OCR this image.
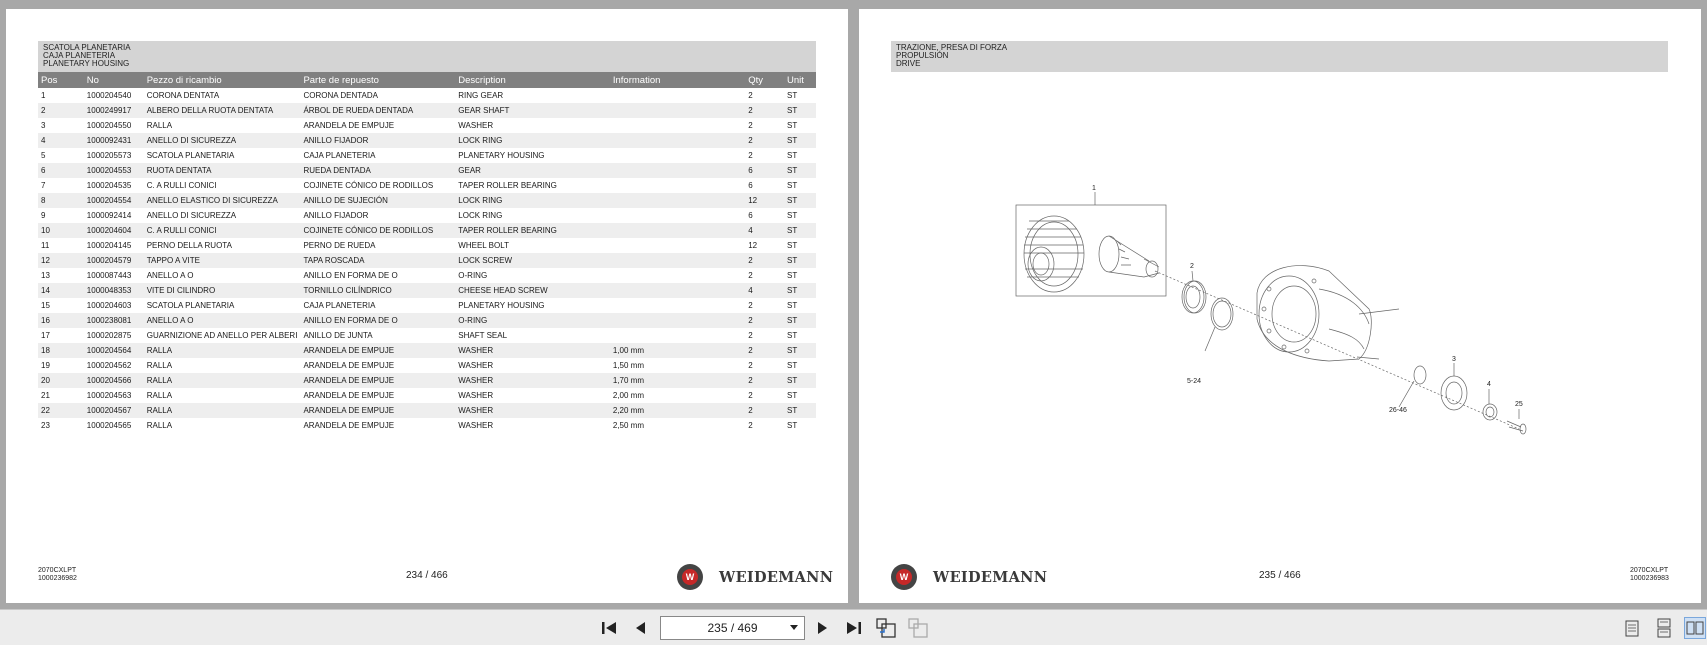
SCATOLA PLANETARIA
CAJA PLANETERIA
PLANETARY HOUSING
Pos	No	Pezzo di ricambio	Parte de repuesto	Description	Information	Qty	Unit
1	1000204540	CORONA DENTATA	CORONA DENTADA	RING GEAR		2	ST
2	1000249917	ALBERO DELLA RUOTA DENTATA	ÁRBOL DE RUEDA DENTADA	GEAR SHAFT		2	ST
3	1000204550	RALLA	ARANDELA DE EMPUJE	WASHER		2	ST
4	1000092431	ANELLO DI SICUREZZA	ANILLO FIJADOR	LOCK RING		2	ST
5	1000205573	SCATOLA PLANETARIA	CAJA PLANETERIA	PLANETARY HOUSING		2	ST
6	1000204553	RUOTA DENTATA	RUEDA DENTADA	GEAR		6	ST
7	1000204535	C. A RULLI CONICI	COJINETE CÓNICO DE RODILLOS	TAPER ROLLER BEARING		6	ST
8	1000204554	ANELLO ELASTICO DI SICUREZZA	ANILLO DE SUJECIÓN	LOCK RING		12	ST
9	1000092414	ANELLO DI SICUREZZA	ANILLO FIJADOR	LOCK RING		6	ST
10	1000204604	C. A RULLI CONICI	COJINETE CÓNICO DE RODILLOS	TAPER ROLLER BEARING		4	ST
11	1000204145	PERNO DELLA RUOTA	PERNO DE RUEDA	WHEEL BOLT		12	ST
12	1000204579	TAPPO A VITE	TAPA ROSCADA	LOCK SCREW		2	ST
13	1000087443	ANELLO A O	ANILLO EN FORMA DE O	O-RING		2	ST
14	1000048353	VITE DI CILINDRO	TORNILLO CILÍNDRICO	CHEESE HEAD SCREW		4	ST
15	1000204603	SCATOLA PLANETARIA	CAJA PLANETERIA	PLANETARY HOUSING		2	ST
16	1000238081	ANELLO A O	ANILLO EN FORMA DE O	O-RING		2	ST
17	1000202875	GUARNIZIONE AD ANELLO PER ALBERI	ANILLO DE JUNTA	SHAFT SEAL		2	ST
18	1000204564	RALLA	ARANDELA DE EMPUJE	WASHER	1,00 mm	2	ST
19	1000204562	RALLA	ARANDELA DE EMPUJE	WASHER	1,50 mm	2	ST
20	1000204566	RALLA	ARANDELA DE EMPUJE	WASHER	1,70 mm	2	ST
21	1000204563	RALLA	ARANDELA DE EMPUJE	WASHER	2,00 mm	2	ST
22	1000204567	RALLA	ARANDELA DE EMPUJE	WASHER	2,20 mm	2	ST
23	1000204565	RALLA	ARANDELA DE EMPUJE	WASHER	2,50 mm	2	ST
2070CXLPT
1000236982	234 / 466	W WEIDEMANN
TRAZIONE, PRESA DI FORZA
PROPULSIÓN
DRIVE
1
2
3
4
25
5-24
26-46
W WEIDEMANN	235 / 466	2070CXLPT
1000236983
235 / 469
